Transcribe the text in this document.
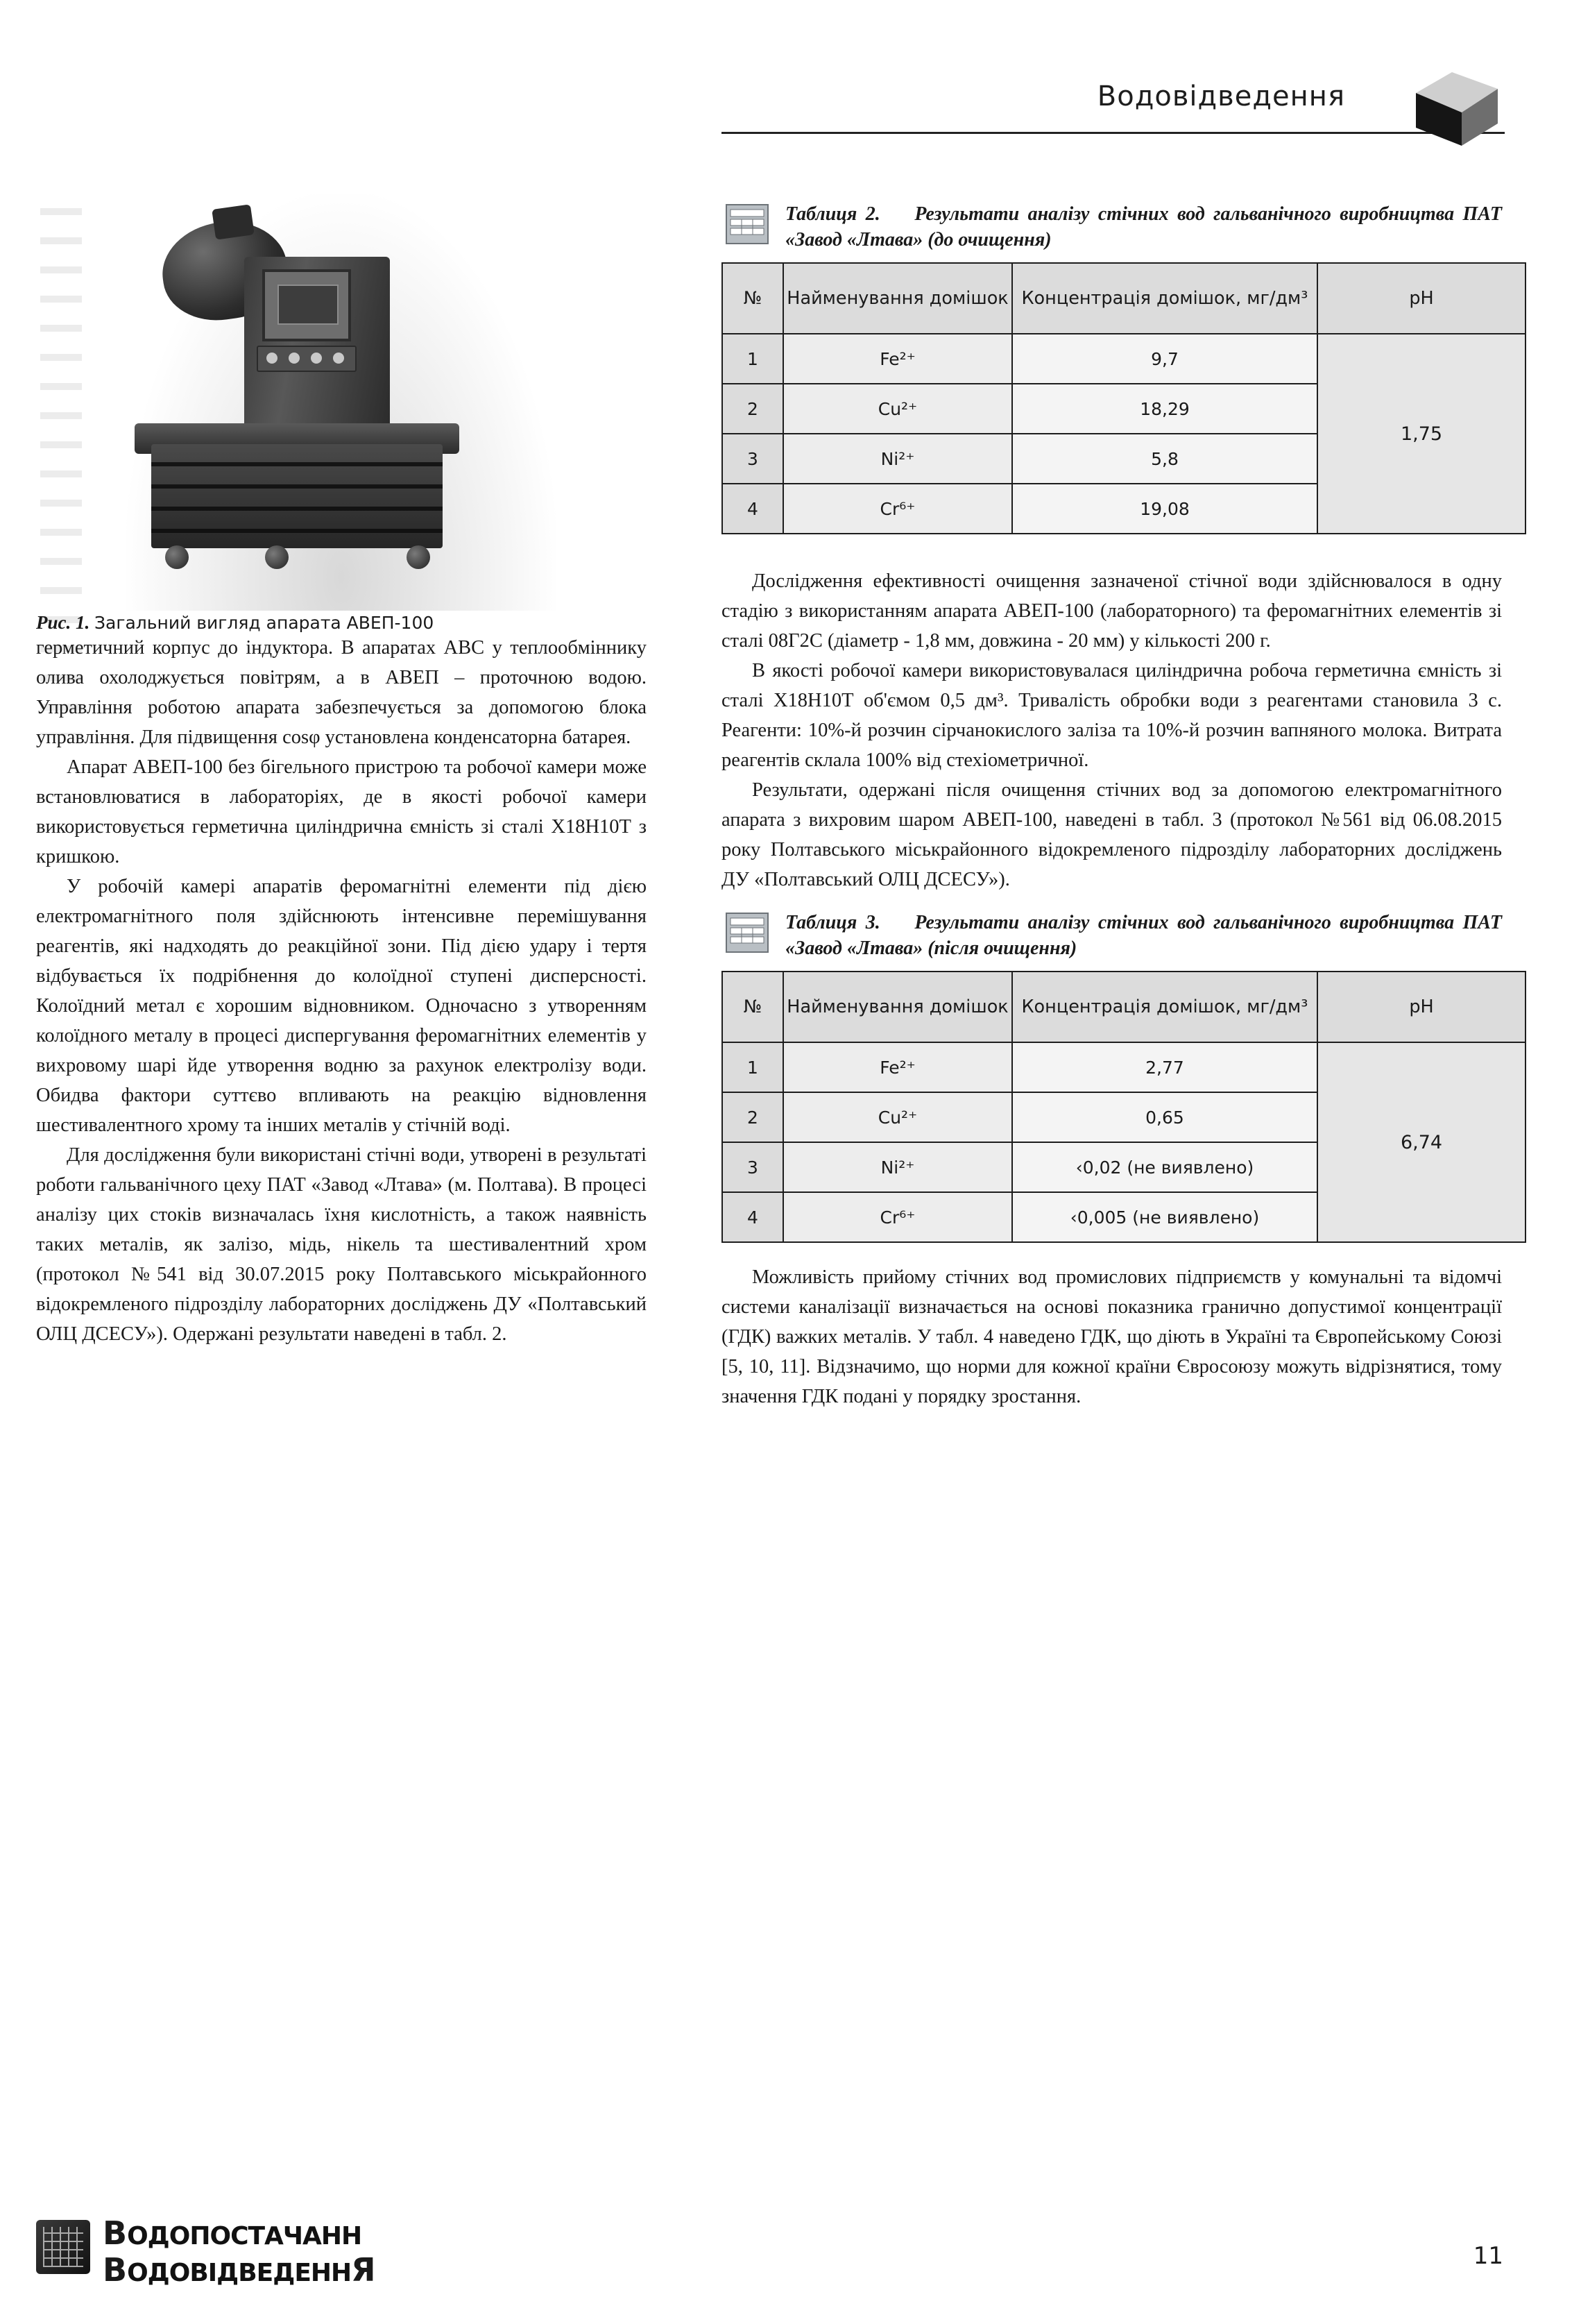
Водовідведення
Рис. 1. Загальний вигляд апарата АВЕП-100

герметичний корпус до індуктора. В апаратах АВС у теплообміннику олива охолоджується повітрям, а в АВЕП – проточною водою. Управління роботою апарата забезпечується за допомогою блока управління. Для підвищення cosφ установлена конденсаторна батарея.

Апарат АВЕП-100 без бігельного пристрою та робочої камери може встановлюватися в лабораторіях, де в якості робочої камери використовується герметична циліндрична ємність зі сталі Х18Н10Т з кришкою.

У робочій камері апаратів феромагнітні елементи під дією електромагнітного поля здійснюють інтенсивне перемішування реагентів, які надходять до реакційної зони. Під дією удару і тертя відбувається їх подрібнення до колоїдної ступені дисперсності. Колоїдний метал є хорошим відновником. Одночасно з утворенням колоїдного металу в процесі диспергування феромагнітних елементів у вихровому шарі йде утворення водню за рахунок електролізу води. Обидва фактори суттєво впливають на реакцію відновлення шестивалентного хрому та інших металів у стічній воді.

Для дослідження були використані стічні води, утворені в результаті роботи гальванічного цеху ПАТ «Завод «Лтава» (м. Полтава). В процесі аналізу цих стоків визначалась їхня кислотність, а також наявність таких металів, як залізо, мідь, нікель та шестивалентний хром (протокол №541 від 30.07.2015 року Полтавського міськрайонного відокремленого підрозділу лабораторних досліджень ДУ «Полтавський ОЛЦ ДСЕСУ»). Одержані результати наведені в табл. 2.

Таблиця 2. Результати аналізу стічних вод гальванічного виробництва ПАТ «Завод «Лтава» (до очищення)
№	Найменування домішок	Концентрація домішок, мг/дм³	pH
1	Fe²⁺	9,7	1,75
2	Cu²⁺	18,29	
3	Ni²⁺	5,8	
4	Cr⁶⁺	19,08	

Дослідження ефективності очищення зазначеної стічної води здійснювалося в одну стадію з використанням апарата АВЕП-100 (лабораторного) та феромагнітних елементів зі сталі 08Г2С (діаметр - 1,8 мм, довжина - 20 мм) у кількості 200 г.

В якості робочої камери використовувалася циліндрична робоча герметична ємність зі сталі Х18Н10Т об'ємом 0,5 дм³. Тривалість обробки води з реагентами становила 3 с. Реагенти: 10%-й розчин сірчанокислого заліза та 10%-й розчин вапняного молока. Витрата реагентів склала 100% від стехіометричної.

Результати, одержані після очищення стічних вод за допомогою електромагнітного апарата з вихровим шаром АВЕП-100, наведені в табл. 3 (протокол №561 від 06.08.2015 року Полтавського міськрайонного відокремленого підрозділу лабораторних досліджень ДУ «Полтавський ОЛЦ ДСЕСУ»).

Таблиця 3. Результати аналізу стічних вод гальванічного виробництва ПАТ «Завод «Лтава» (після очищення)
№	Найменування домішок	Концентрація домішок, мг/дм³	pH
1	Fe²⁺	2,77	6,74
2	Cu²⁺	0,65	
3	Ni²⁺	‹0,02 (не виявлено)	
4	Cr⁶⁺	‹0,005 (не виявлено)	

Можливість прийому стічних вод промислових підприємств у комунальні та відомчі системи каналізації визначається на основі показника гранично допустимої концентрації (ГДК) важких металів. У табл. 4 наведено ГДК, що діють в Україні та Європейському Союзі [5, 10, 11]. Відзначимо, що норми для кожної країни Євросоюзу можуть відрізнятися, тому значення ГДК подані у порядку зростання.

ВОДОПОСТАЧАНН
ВОДОВІДВЕДЕННЯ	11
